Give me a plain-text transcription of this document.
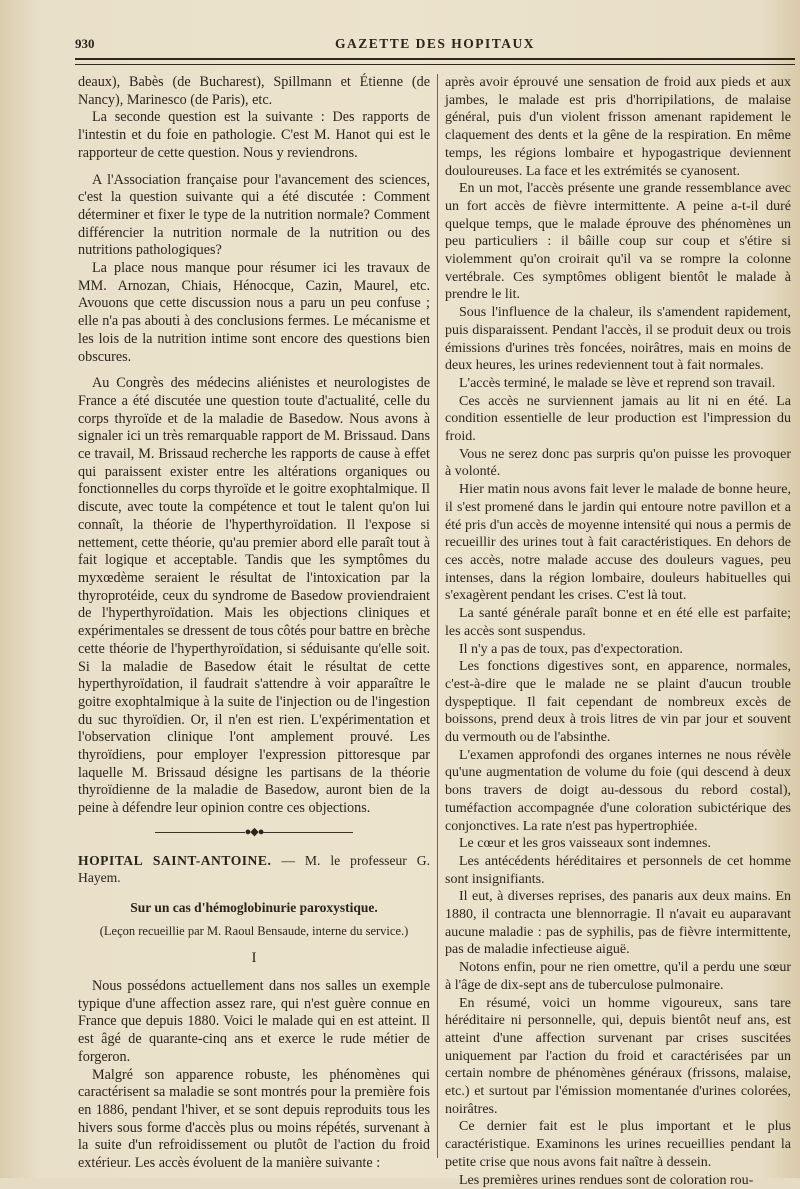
930	GAZETTE DES HOPITAUX

deaux), Babès (de Bucharest), Spillmann et Étienne (de Nancy), Marinesco (de Paris), etc.

La seconde question est la suivante : Des rapports de l'intestin et du foie en pathologie. C'est M. Hanot qui est le rapporteur de cette question. Nous y reviendrons.

A l'Association française pour l'avancement des sciences, c'est la question suivante qui a été discutée : Comment déterminer et fixer le type de la nutrition normale? Comment différencier la nutrition normale de la nutrition ou des nutritions pathologiques?

La place nous manque pour résumer ici les travaux de MM. Arnozan, Chiais, Hénocque, Cazin, Maurel, etc. Avouons que cette discussion nous a paru un peu confuse ; elle n'a pas abouti à des conclusions fermes. Le mécanisme et les lois de la nutrition intime sont encore des questions bien obscures.

Au Congrès des médecins aliénistes et neurologistes de France a été discutée une question toute d'actualité, celle du corps thyroïde et de la maladie de Basedow. Nous avons à signaler ici un très remarquable rapport de M. Brissaud. Dans ce travail, M. Brissaud recherche les rapports de cause à effet qui paraissent exister entre les altérations organiques ou fonctionnelles du corps thyroïde et le goitre exophtalmique. Il discute, avec toute la compétence et tout le talent qu'on lui connaît, la théorie de l'hyperthyroïdation. Il l'expose si nettement, cette théorie, qu'au premier abord elle paraît tout à fait logique et acceptable. Tandis que les symptômes du myxœdème seraient le résultat de l'intoxication par la thyroprotéide, ceux du syndrome de Basedow proviendraient de l'hyperthyroïdation. Mais les objections cliniques et expérimentales se dressent de tous côtés pour battre en brèche cette théorie de l'hyperthyroïdation, si séduisante qu'elle soit. Si la maladie de Basedow était le résultat de cette hyperthyroïdation, il faudrait s'attendre à voir apparaître le goitre exophtalmique à la suite de l'injection ou de l'ingestion du suc thyroïdien. Or, il n'en est rien. L'expérimentation et l'observation clinique l'ont amplement prouvé. Les thyroïdiens, pour employer l'expression pittoresque par laquelle M. Brissaud désigne les partisans de la théorie thyroïdienne de la maladie de Basedow, auront bien de la peine à défendre leur opinion contre ces objections.

●◆●

HOPITAL SAINT-ANTOINE. — M. le professeur G. Hayem.

Sur un cas d'hémoglobinurie paroxystique.

(Leçon recueillie par M. Raoul Bensaude, interne du service.)

I

Nous possédons actuellement dans nos salles un exemple typique d'une affection assez rare, qui n'est guère connue en France que depuis 1880. Voici le malade qui en est atteint. Il est âgé de quarante-cinq ans et exerce le rude métier de forgeron.

Malgré son apparence robuste, les phénomènes qui caractérisent sa maladie se sont montrés pour la première fois en 1886, pendant l'hiver, et se sont depuis reproduits tous les hivers sous forme d'accès plus ou moins répétés, survenant à la suite d'un refroidissement ou plutôt de l'action du froid extérieur. Les accès évoluent de la manière suivante :

après avoir éprouvé une sensation de froid aux pieds et aux jambes, le malade est pris d'horripilations, de malaise général, puis d'un violent frisson amenant rapidement le claquement des dents et la gêne de la respiration. En même temps, les régions lombaire et hypogastrique deviennent douloureuses. La face et les extrémités se cyanosent.

En un mot, l'accès présente une grande ressemblance avec un fort accès de fièvre intermittente. A peine a-t-il duré quelque temps, que le malade éprouve des phénomènes un peu particuliers : il bâille coup sur coup et s'étire si violemment qu'on croirait qu'il va se rompre la colonne vertébrale. Ces symptômes obligent bientôt le malade à prendre le lit.

Sous l'influence de la chaleur, ils s'amendent rapidement, puis disparaissent. Pendant l'accès, il se produit deux ou trois émissions d'urines très foncées, noirâtres, mais en moins de deux heures, les urines redeviennent tout à fait normales.

L'accès terminé, le malade se lève et reprend son travail.

Ces accès ne surviennent jamais au lit ni en été. La condition essentielle de leur production est l'impression du froid.

Vous ne serez donc pas surpris qu'on puisse les provoquer à volonté.

Hier matin nous avons fait lever le malade de bonne heure, il s'est promené dans le jardin qui entoure notre pavillon et a été pris d'un accès de moyenne intensité qui nous a permis de recueillir des urines tout à fait caractéristiques. En dehors de ces accès, notre malade accuse des douleurs vagues, peu intenses, dans la région lombaire, douleurs habituelles qui s'exagèrent pendant les crises. C'est là tout.

La santé générale paraît bonne et en été elle est parfaite; les accès sont suspendus.

Il n'y a pas de toux, pas d'expectoration.

Les fonctions digestives sont, en apparence, normales, c'est-à-dire que le malade ne se plaint d'aucun trouble dyspeptique. Il fait cependant de nombreux excès de boissons, prend deux à trois litres de vin par jour et souvent du vermouth ou de l'absinthe.

L'examen approfondi des organes internes ne nous révèle qu'une augmentation de volume du foie (qui descend à deux bons travers de doigt au-dessous du rebord costal), tuméfaction accompagnée d'une coloration subictérique des conjonctives. La rate n'est pas hypertrophiée.

Le cœur et les gros vaisseaux sont indemnes.

Les antécédents héréditaires et personnels de cet homme sont insignifiants.

Il eut, à diverses reprises, des panaris aux deux mains. En 1880, il contracta une blennorragie. Il n'avait eu auparavant aucune maladie : pas de syphilis, pas de fièvre intermittente, pas de maladie infectieuse aiguë.

Notons enfin, pour ne rien omettre, qu'il a perdu une sœur à l'âge de dix-sept ans de tuberculose pulmonaire.

En résumé, voici un homme vigoureux, sans tare héréditaire ni personnelle, qui, depuis bientôt neuf ans, est atteint d'une affection survenant par crises suscitées uniquement par l'action du froid et caractérisées par un certain nombre de phénomènes généraux (frissons, malaise, etc.) et surtout par l'émission momentanée d'urines colorées, noirâtres.

Ce dernier fait est le plus important et le plus caractéristique. Examinons les urines recueillies pendant la petite crise que nous avons fait naître à dessein.

Les premières urines rendues sont de coloration rou-
